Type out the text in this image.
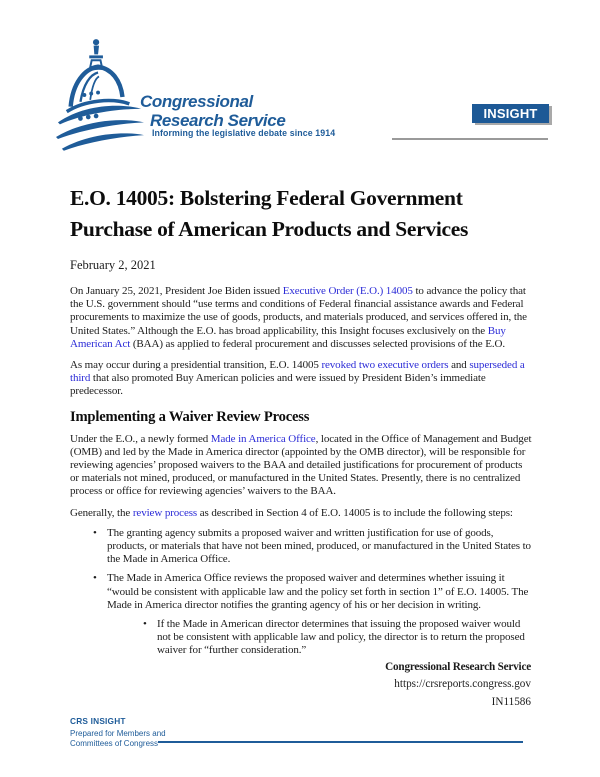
Congressional
Research Service
Informing the legislative debate since 1914
INSIGHT
E.O. 14005: Bolstering Federal Government
Purchase of American Products and Services
February 2, 2021

On January 25, 2021, President Joe Biden issued Executive Order (E.O.) 14005 to advance the policy that the U.S. government should “use terms and conditions of Federal financial assistance awards and Federal procurements to maximize the use of goods, products, and materials produced, and services offered in, the United States.” Although the E.O. has broad applicability, this Insight focuses exclusively on the Buy American Act (BAA) as applied to federal procurement and discusses selected provisions of the E.O.

As may occur during a presidential transition, E.O. 14005 revoked two executive orders and superseded a third that also promoted Buy American policies and were issued by President Biden’s immediate predecessor.

Implementing a Waiver Review Process

Under the E.O., a newly formed Made in America Office, located in the Office of Management and Budget (OMB) and led by the Made in America director (appointed by the OMB director), will be responsible for reviewing agencies’ proposed waivers to the BAA and detailed justifications for procurement of products or materials not mined, produced, or manufactured in the United States. Presently, there is no centralized process or office for reviewing agencies’ waivers to the BAA.

Generally, the review process as described in Section 4 of E.O. 14005 is to include the following steps:

• The granting agency submits a proposed waiver and written justification for use of goods, products, or materials that have not been mined, produced, or manufactured in the United States to the Made in America Office.
• The Made in America Office reviews the proposed waiver and determines whether issuing it “would be consistent with applicable law and the policy set forth in section 1” of E.O. 14005. The Made in America director notifies the granting agency of his or her decision in writing.
• If the Made in American director determines that issuing the proposed waiver would not be consistent with applicable law and policy, the director is to return the proposed waiver for “further consideration.”
Congressional Research Service
https://crsreports.congress.gov
IN11586
CRS INSIGHT
Prepared for Members and
Committees of Congress
